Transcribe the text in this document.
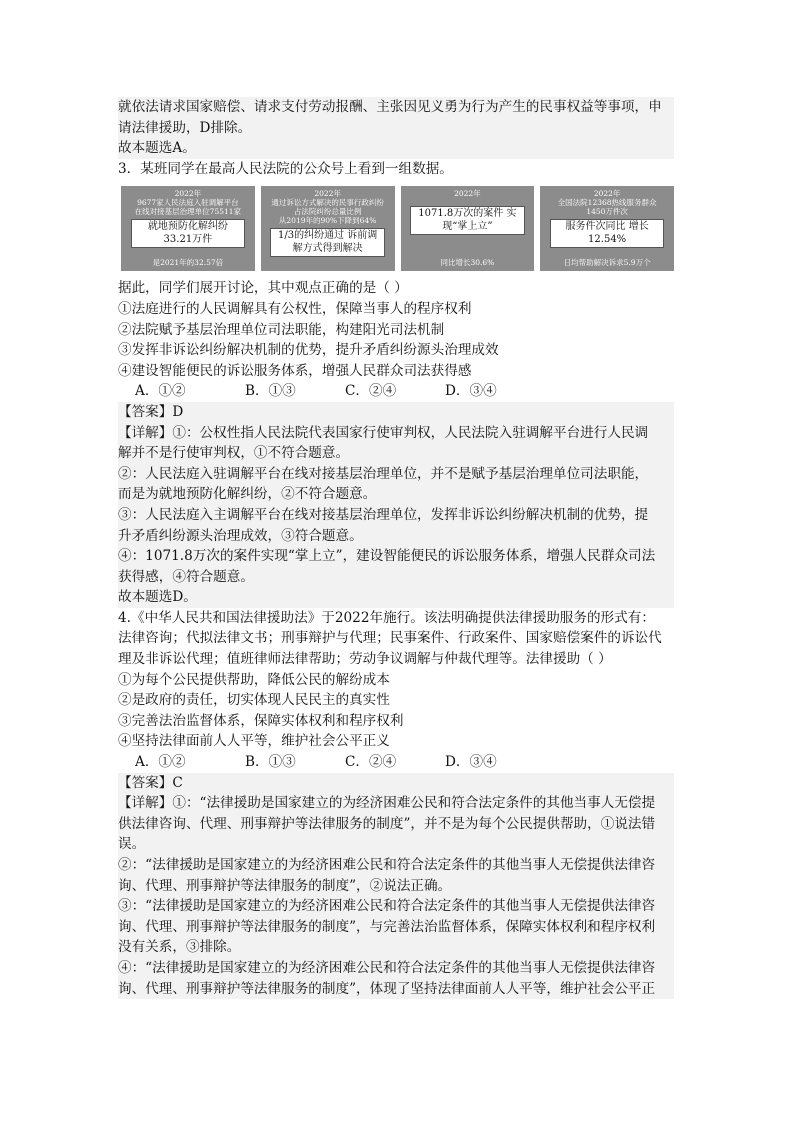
就依法请求国家赔偿、请求支付劳动报酬、主张因见义勇为行为产生的民事权益等事项，申
请法律援助，D排除。
故本题选A。
3．某班同学在最高人民法院的公众号上看到一组数据。
2022年
9677家人民法庭入驻调解平台
在线对接基层治理单位75511家
就地预防化解纠纷 33.21万件
是2021年的32.57倍
2022年
通过诉讼方式解决的民事行政纠纷
占法院纠纷总量比例
从2019年的90%下降到64%
1/3的纠纷通过 诉前调解方式得到解决
2022年
1071.8万次的案件 实现“掌上立”
同比增长30.6%
2022年
全国法院12368热线服务群众
1450万件次
服务件次同比 增长12.54%
日均帮助解决诉求5.9万个
据此，同学们展开讨论，其中观点正确的是（ ）
①法庭进行的人民调解具有公权性，保障当事人的程序权利
②法院赋予基层治理单位司法职能，构建阳光司法机制
③发挥非诉讼纠纷解决机制的优势，提升矛盾纠纷源头治理成效
④建设智能便民的诉讼服务体系，增强人民群众司法获得感
A．①②	B．①③	C．②④	D．③④
【答案】D
【详解】①：公权性指人民法院代表国家行使审判权，人民法院入驻调解平台进行人民调
解并不是行使审判权，①不符合题意。
②：人民法庭入驻调解平台在线对接基层治理单位，并不是赋予基层治理单位司法职能，
而是为就地预防化解纠纷，②不符合题意。
③：人民法庭入主调解平台在线对接基层治理单位，发挥非诉讼纠纷解决机制的优势，提
升矛盾纠纷源头治理成效，③符合题意。
④：1071.8万次的案件实现“掌上立”，建设智能便民的诉讼服务体系，增强人民群众司法
获得感，④符合题意。
故本题选D。
4.《中华人民共和国法律援助法》于2022年施行。该法明确提供法律援助服务的形式有：
法律咨询；代拟法律文书；刑事辩护与代理；民事案件、行政案件、国家赔偿案件的诉讼代
理及非诉讼代理；值班律师法律帮助；劳动争议调解与仲裁代理等。法律援助（ ）
①为每个公民提供帮助，降低公民的解纷成本
②是政府的责任，切实体现人民民主的真实性
③完善法治监督体系，保障实体权利和程序权利
④坚持法律面前人人平等，维护社会公平正义
A．①②	B．①③	C．②④	D．③④
【答案】C
【详解】①：“法律援助是国家建立的为经济困难公民和符合法定条件的其他当事人无偿提
供法律咨询、代理、刑事辩护等法律服务的制度”，并不是为每个公民提供帮助，①说法错
误。
②：“法律援助是国家建立的为经济困难公民和符合法定条件的其他当事人无偿提供法律咨
询、代理、刑事辩护等法律服务的制度”，②说法正确。
③：“法律援助是国家建立的为经济困难公民和符合法定条件的其他当事人无偿提供法律咨
询、代理、刑事辩护等法律服务的制度”，与完善法治监督体系，保障实体权利和程序权利
没有关系，③排除。
④：“法律援助是国家建立的为经济困难公民和符合法定条件的其他当事人无偿提供法律咨
询、代理、刑事辩护等法律服务的制度”，体现了坚持法律面前人人平等，维护社会公平正
